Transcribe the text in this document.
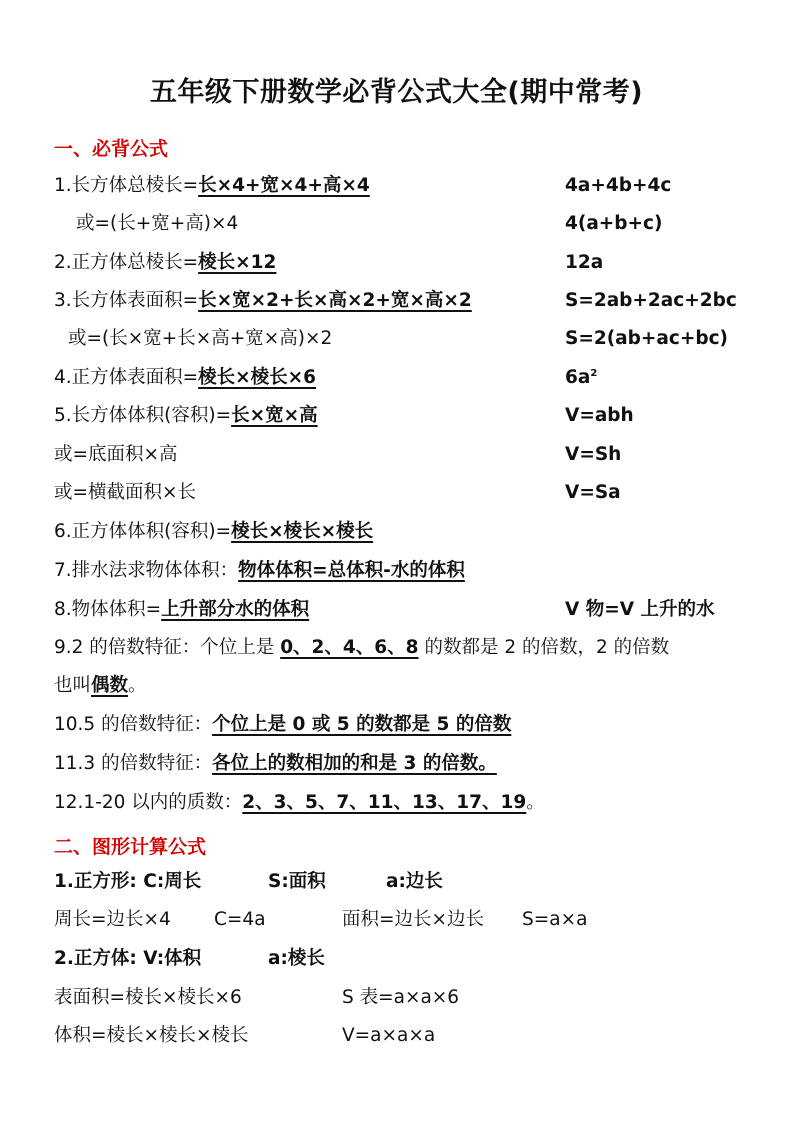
五年级下册数学必背公式大全(期中常考)
一、必背公式
1.长方体总棱长=长×4+宽×4+高×4	4a+4b+4c
或=(长+宽+高)×4	4(a+b+c)
2.正方体总棱长=棱长×12	12a
3.长方体表面积=长×宽×2+长×高×2+宽×高×2	S=2ab+2ac+2bc
或=(长×宽+长×高+宽×高)×2	S=2(ab+ac+bc)
4.正方体表面积=棱长×棱长×6	$6a^2$
5.长方体体积(容积)=长×宽×高	V=abh
或=底面积×高	V=Sh
或=横截面积×长	V=Sa
6.正方体体积(容积)=棱长×棱长×棱长
7.排水法求物体体积：物体体积=总体积-水的体积
8.物体体积=上升部分水的体积	V 物=V 上升的水
9.2 的倍数特征：个位上是 0、2、4、6、8 的数都是 2 的倍数，2 的倍数
也叫偶数。
10.5 的倍数特征：个位上是 0 或 5 的数都是 5 的倍数
11.3 的倍数特征：各位上的数相加的和是 3 的倍数。
12.1-20 以内的质数：2、3、5、7、11、13、17、19。
二、图形计算公式
1.正方形: C:周长	S:面积	a:边长
周长=边长×4 C=4a	面积=边长×边长 S=a×a
2.正方体: V:体积	a:棱长
表面积=棱长×棱长×6	S 表=a×a×6
体积=棱长×棱长×棱长	V=a×a×a
